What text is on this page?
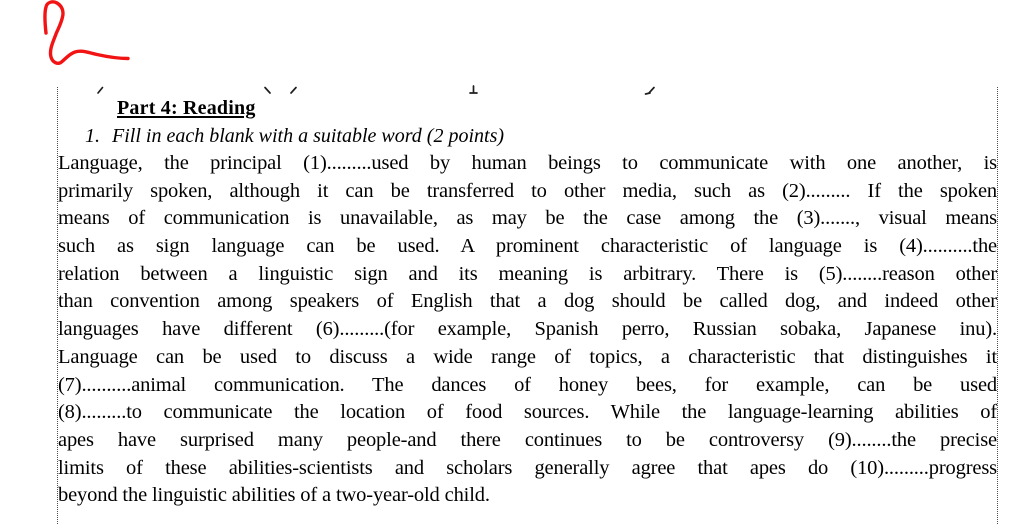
Part 4: Reading
1. Fill in each blank with a suitable word (2 points)
Language, the principal (1).........used by human beings to communicate with one another, is
primarily spoken, although it can be transferred to other media, such as (2)......... If the spoken
means of communication is unavailable, as may be the case among the (3)......., visual means
such as sign language can be used. A prominent characteristic of language is (4)..........the
relation between a linguistic sign and its meaning is arbitrary. There is (5)........reason other
than convention among speakers of English that a dog should be called dog, and indeed other
languages have different (6).........(for example, Spanish perro, Russian sobaka, Japanese inu).
Language can be used to discuss a wide range of topics, a characteristic that distinguishes it
(7)..........animal communication. The dances of honey bees, for example, can be used
(8).........to communicate the location of food sources. While the language-learning abilities of
apes have surprised many people-and there continues to be controversy (9)........the precise
limits of these abilities-scientists and scholars generally agree that apes do (10).........progress
beyond the linguistic abilities of a two-year-old child.
